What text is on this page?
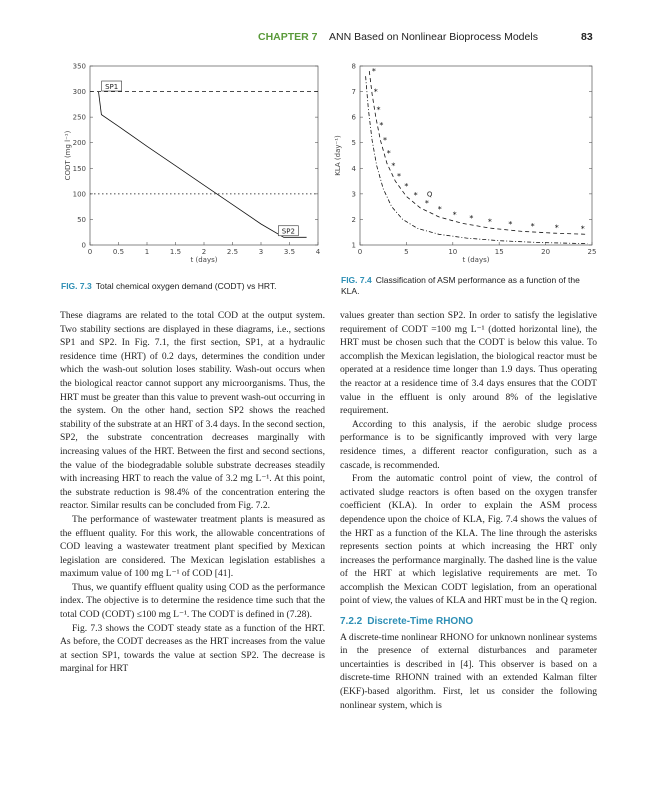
CHAPTER 7 ANN Based on Nonlinear Bioprocess Models	83
0	0.5	1	1.5	2	2.5	3	3.5	4
0
50
100
150
200
250
300
350
t (days)
CODT (mg l⁻¹)
SP1
SP2
FIG. 7.3 Total chemical oxygen demand (CODT) vs HRT.
0	5	10	15	20	25
1
2
3
4
5
6
7
8
t (days)
KLA (day⁻¹)
*
*
*
*
*
*
*
*
*
*
*
*
* * * * *	*	*
Q
FIG. 7.4 Classification of ASM performance as a function of the KLA.

These diagrams are related to the total COD at the output system. Two stability sections are displayed in these diagrams, i.e., sections SP1 and SP2. In Fig. 7.1, the first section, SP1, at a hydraulic residence time (HRT) of 0.2 days, determines the condition under which the wash-out solution loses stability. Wash-out occurs when the biological reactor cannot support any microorganisms. Thus, the HRT must be greater than this value to prevent wash-out occurring in the system. On the other hand, section SP2 shows the reached stability of the substrate at an HRT of 3.4 days. In the second section, SP2, the substrate concentration decreases marginally with increasing values of the HRT. Between the first and second sections, the value of the biodegradable soluble substrate decreases steadily with increasing HRT to reach the value of 3.2 mg L⁻¹. At this point, the substrate reduction is 98.4% of the concentration entering the reactor. Similar results can be concluded from Fig. 7.2.

The performance of wastewater treatment plants is measured as the effluent quality. For this work, the allowable concentrations of COD leaving a wastewater treatment plant specified by Mexican legislation are considered. The Mexican legislation establishes a maximum value of 100 mg L⁻¹ of COD [41].

Thus, we quantify effluent quality using COD as the performance index. The objective is to determine the residence time such that the total COD (CODT) ≤100 mg L⁻¹. The CODT is defined in (7.28).

Fig. 7.3 shows the CODT steady state as a function of the HRT. As before, the CODT decreases as the HRT increases from the value at section SP1, towards the value at section SP2. The decrease is marginal for HRT

values greater than section SP2. In order to satisfy the legislative requirement of CODT =100 mg L⁻¹ (dotted horizontal line), the HRT must be chosen such that the CODT is below this value. To accomplish the Mexican legislation, the biological reactor must be operated at a residence time longer than 1.9 days. Thus operating the reactor at a residence time of 3.4 days ensures that the CODT value in the effluent is only around 8% of the legislative requirement.

According to this analysis, if the aerobic sludge process performance is to be significantly improved with very large residence times, a different reactor configuration, such as a cascade, is recommended.

From the automatic control point of view, the control of activated sludge reactors is often based on the oxygen transfer coefficient (KLA). In order to explain the ASM process dependence upon the choice of KLA, Fig. 7.4 shows the values of the HRT as a function of the KLA. The line through the asterisks represents section points at which increasing the HRT only increases the performance marginally. The dashed line is the value of the HRT at which legislative requirements are met. To accomplish the Mexican CODT legislation, from an operational point of view, the values of KLA and HRT must be in the Q region.

7.2.2 Discrete-Time RHONO

A discrete-time nonlinear RHONO for unknown nonlinear systems in the presence of external disturbances and parameter uncertainties is described in [4]. This observer is based on a discrete-time RHONN trained with an extended Kalman filter (EKF)-based algorithm. First, let us consider the following nonlinear system, which is
